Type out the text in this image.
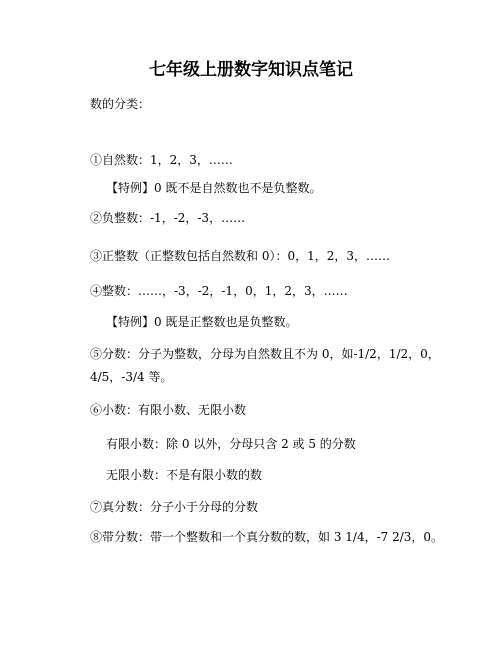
七年级上册数字知识点笔记
数的分类：
①自然数：1，2，3，……
【特例】0 既不是自然数也不是负整数。
②负整数：-1，-2，-3，……
③正整数（正整数包括自然数和 0）：0，1，2，3，……
④整数：……，-3，-2，-1，0，1，2，3，……
【特例】0 既是正整数也是负整数。
⑤分数：分子为整数，分母为自然数且不为 0，如-1/2，1/2，0，
4/5，-3/4 等。
⑥小数：有限小数、无限小数
有限小数：除 0 以外，分母只含 2 或 5 的分数
无限小数：不是有限小数的数
⑦真分数：分子小于分母的分数
⑧带分数：带一个整数和一个真分数的数，如 3 1/4，-7 2/3，0。
